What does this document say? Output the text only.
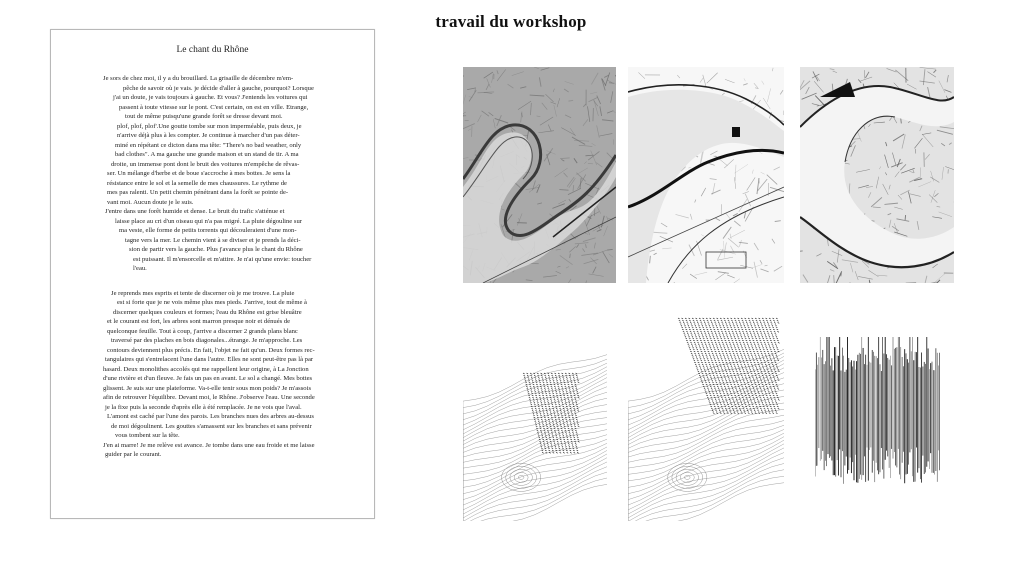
travail du workshop
Le chant du Rhône
Je sors de chez moi, il y a du brouillard. La grisaille de décembre m'em-
pêche de savoir où je vais. je décide d'aller à gauche, pourquoi? Lorsque
j'ai un doute, je vais toujours à gauche. Et vous? J'entends les voitures qui
passent à toute vitesse sur le pont. C'est certain, on est en ville. Etrange,
tout de même puisqu'une grande forêt se dresse devant moi.
plof, plof, plof'.Une goutte tombe sur mon imperméable, puis deux, je
n'arrive déjà plus à les compter. Je continue à marcher d'un pas déter-
miné en répétant ce dicton dans ma tête: "There's no bad weather, only
bad clothes". A ma gauche une grande maison et un stand de tir. A ma
droite, un immense pont dont le bruit des voitures m'empêche de rêvas-
ser. Un mélange d'herbe et de boue s'accroche à mes bottes. Je sens la
résistance entre le sol et la semelle de mes chaussures. Le rythme de
mes pas ralenti. Un petit chemin pénétrant dans la forêt se pointe de-
vant moi. Aucun doute je le suis.
J'entre dans une forêt humide et dense. Le bruit du trafic s'atténue et
laisse place au cri d'un oiseau qui n'a pas migré. La pluie dégouline sur
ma veste, elle forme de petits torrents qui découleraient d'une mon-
tagne vers la mer. Le chemin vient à se diviser et je prends la déci-
sion de partir vers la gauche. Plus j'avance plus le chant du Rhône
est puissant. Il m'ensorcelle et m'attire. Je n'ai qu'une envie: toucher
l'eau.
Je reprends mes esprits et tente de discerner où je me trouve. La pluie
est si forte que je ne vois même plus mes pieds. J'arrive, tout de même à
discerner quelques couleurs et formes; l'eau du Rhône est grise bleuâtre
et le courant est fort, les arbres sont marron presque noir et dénués de
quelconque feuille. Tout à coup, j'arrive a discerner 2 grands plans blanc
traversé par des plaches en bois diagonales...étrange. Je m'approche. Les
contours deviennent plus précis. En fait, l'objet ne fait qu'un. Deux formes rec-
tangulaires qui s'entrelacent l'une dans l'autre. Elles ne sont peut-être pas là par
hasard. Deux monolithes accolés qui me rappellent leur origine, à La Jonction
d'une rivière et d'un fleuve. Je fais un pas en avant. Le sol a changé. Mes bottes
glissent. Je suis sur une plateforme. Va-t-elle tenir sous mon poids? Je m'assois
afin de retrouver l'équilibre. Devant moi, le Rhône. J'observe l'eau. Une seconde
je la fixe puis la seconde d'après elle à été remplacée. Je ne vois que l'aval.
L'amont est caché par l'une des parois. Les branches nues des arbres au-dessus
de moi dégoulinent. Les gouttes s'amassent sur les branches et sans prévenir
vous tombent sur la tête.
J'en ai marre! Je me relève est avance. Je tombe dans une eau froide et me laisse
guider par le courant.
